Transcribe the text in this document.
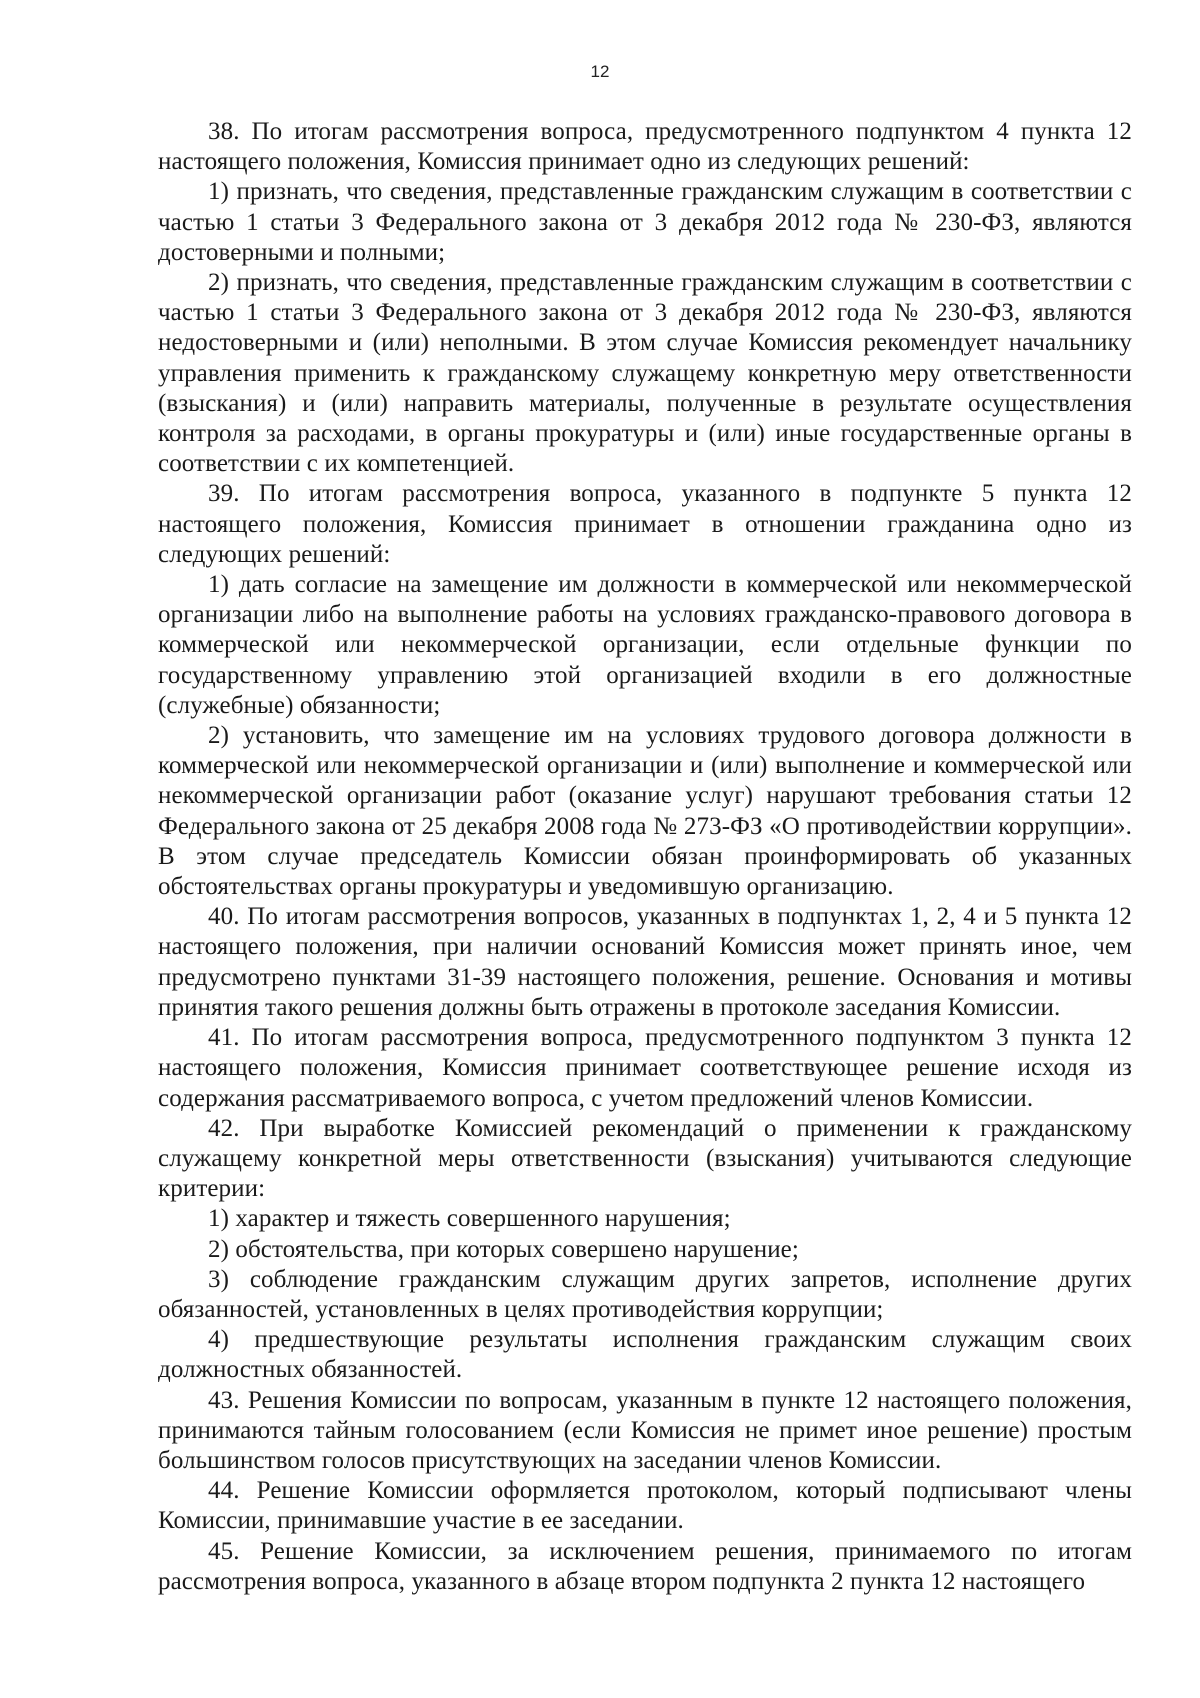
12

38. По итогам рассмотрения вопроса, предусмотренного подпунктом 4 пункта 12 настоящего положения, Комиссия принимает одно из следующих решений:

1) признать, что сведения, представленные гражданским служащим в соответствии с частью 1 статьи 3 Федерального закона от 3 декабря 2012 года № 230-ФЗ, являются достоверными и полными;

2) признать, что сведения, представленные гражданским служащим в соответствии с частью 1 статьи 3 Федерального закона от 3 декабря 2012 года № 230-ФЗ, являются недостоверными и (или) неполными. В этом случае Комиссия рекомендует начальнику управления применить к гражданскому служащему конкретную меру ответственности (взыскания) и (или) направить материалы, полученные в результате осуществления контроля за расходами, в органы прокуратуры и (или) иные государственные органы в соответствии с их компетенцией.

39. По итогам рассмотрения вопроса, указанного в подпункте 5 пункта 12 настоящего положения, Комиссия принимает в отношении гражданина одно из следующих решений:

1) дать согласие на замещение им должности в коммерческой или некоммерческой организации либо на выполнение работы на условиях гражданско-правового договора в коммерческой или некоммерческой организации, если отдельные функции по государственному управлению этой организацией входили в его должностные (служебные) обязанности;

2) установить, что замещение им на условиях трудового договора должности в коммерческой или некоммерческой организации и (или) выполнение и коммерческой или некоммерческой организации работ (оказание услуг) нарушают требования статьи 12 Федерального закона от 25 декабря 2008 года № 273-ФЗ «О противодействии коррупции». В этом случае председатель Комиссии обязан проинформировать об указанных обстоятельствах органы прокуратуры и уведомившую организацию.

40. По итогам рассмотрения вопросов, указанных в подпунктах 1, 2, 4 и 5 пункта 12 настоящего положения, при наличии оснований Комиссия может принять иное, чем предусмотрено пунктами 31-39 настоящего положения, решение. Основания и мотивы принятия такого решения должны быть отражены в протоколе заседания Комиссии.

41. По итогам рассмотрения вопроса, предусмотренного подпунктом 3 пункта 12 настоящего положения, Комиссия принимает соответствующее решение исходя из содержания рассматриваемого вопроса, с учетом предложений членов Комиссии.

42. При выработке Комиссией рекомендаций о применении к гражданскому служащему конкретной меры ответственности (взыскания) учитываются следующие критерии:

1) характер и тяжесть совершенного нарушения;

2) обстоятельства, при которых совершено нарушение;

3) соблюдение гражданским служащим других запретов, исполнение других обязанностей, установленных в целях противодействия коррупции;

4) предшествующие результаты исполнения гражданским служащим своих должностных обязанностей.

43. Решения Комиссии по вопросам, указанным в пункте 12 настоящего положения, принимаются тайным голосованием (если Комиссия не примет иное решение) простым большинством голосов присутствующих на заседании членов Комиссии.

44. Решение Комиссии оформляется протоколом, который подписывают члены Комиссии, принимавшие участие в ее заседании.

45. Решение Комиссии, за исключением решения, принимаемого по итогам рассмотрения вопроса, указанного в абзаце втором подпункта 2 пункта 12 настоящего
